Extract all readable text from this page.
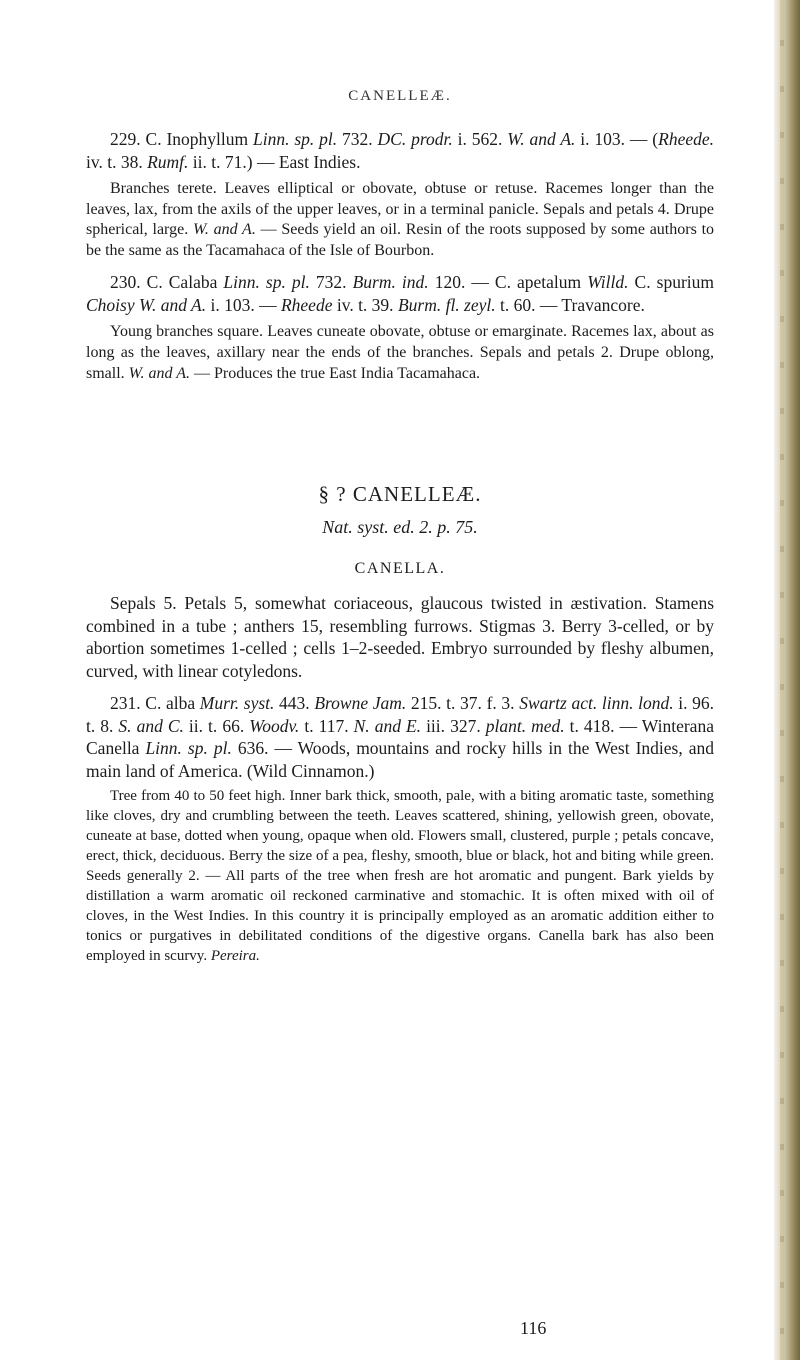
CANELLEÆ.

229. C. Inophyllum Linn. sp. pl. 732. DC. prodr. i. 562. W. and A. i. 103. — (Rheede. iv. t. 38. Rumf. ii. t. 71.) — East Indies.

Branches terete. Leaves elliptical or obovate, obtuse or retuse. Racemes longer than the leaves, lax, from the axils of the upper leaves, or in a terminal panicle. Sepals and petals 4. Drupe spherical, large. W. and A. — Seeds yield an oil. Resin of the roots supposed by some authors to be the same as the Tacamahaca of the Isle of Bourbon.

230. C. Calaba Linn. sp. pl. 732. Burm. ind. 120. — C. apetalum Willd. C. spurium Choisy W. and A. i. 103. — Rheede iv. t. 39. Burm. fl. zeyl. t. 60. — Travancore.

Young branches square. Leaves cuneate obovate, obtuse or emarginate. Racemes lax, about as long as the leaves, axillary near the ends of the branches. Sepals and petals 2. Drupe oblong, small. W. and A. — Produces the true East India Tacamahaca.

§ ? CANELLEÆ.
Nat. syst. ed. 2. p. 75.
CANELLA.

Sepals 5. Petals 5, somewhat coriaceous, glaucous twisted in æstivation. Stamens combined in a tube ; anthers 15, resembling furrows. Stigmas 3. Berry 3-celled, or by abortion sometimes 1-celled ; cells 1–2-seeded. Embryo surrounded by fleshy albumen, curved, with linear cotyledons.

231. C. alba Murr. syst. 443. Browne Jam. 215. t. 37. f. 3. Swartz act. linn. lond. i. 96. t. 8. S. and C. ii. t. 66. Woodv. t. 117. N. and E. iii. 327. plant. med. t. 418. — Winterana Canella Linn. sp. pl. 636. — Woods, mountains and rocky hills in the West Indies, and main land of America. (Wild Cinnamon.)

Tree from 40 to 50 feet high. Inner bark thick, smooth, pale, with a biting aromatic taste, something like cloves, dry and crumbling between the teeth. Leaves scattered, shining, yellowish green, obovate, cuneate at base, dotted when young, opaque when old. Flowers small, clustered, purple ; petals concave, erect, thick, deciduous. Berry the size of a pea, fleshy, smooth, blue or black, hot and biting while green. Seeds generally 2. — All parts of the tree when fresh are hot aromatic and pungent. Bark yields by distillation a warm aromatic oil reckoned carminative and stomachic. It is often mixed with oil of cloves, in the West Indies. In this country it is principally employed as an aromatic addition either to tonics or purgatives in debilitated conditions of the digestive organs. Canella bark has also been employed in scurvy. Pereira.

116
